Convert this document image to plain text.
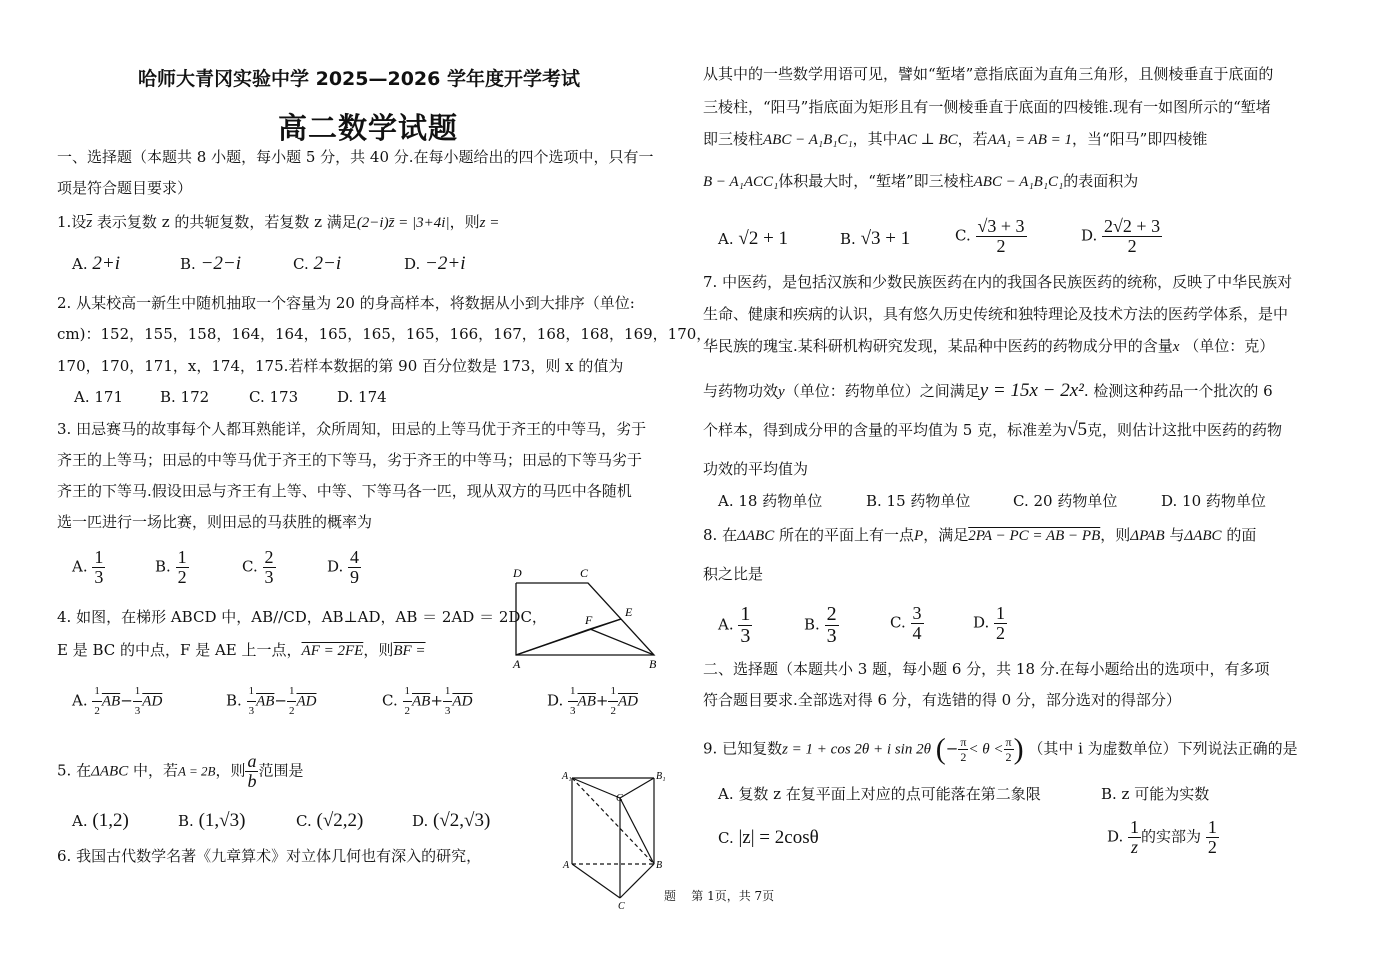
哈师大青冈实验中学 2025—2026 学年度开学考试
高二数学试题
一、选择题（本题共 8 小题，每小题 5 分，共 40 分.在每小题给出的四个选项中，只有一
项是符合题目要求）
1.设$\overline{z}$ 表示复数 z 的共轭复数，若复数 z 满足(2−i)z̄ = |3+4i|，则z =
A. 2+i	B. −2−i	C. 2−i	D. −2+i
2. 从某校高一新生中随机抽取一个容量为 20 的身高样本，将数据从小到大排序（单位:
cm)：152，155，158，164，164，165，165，165，166，167，168，168，169，170，
170，170，171，x，174，175.若样本数据的第 90 百分位数是 173，则 x 的值为
A. 171 B. 172	C. 173	D. 174
3. 田忌赛马的故事每个人都耳熟能详，众所周知，田忌的上等马优于齐王的中等马，劣于
齐王的上等马；田忌的中等马优于齐王的下等马，劣于齐王的中等马；田忌的下等马劣于
齐王的下等马.假设田忌与齐王有上等、中等、下等马各一匹，现从双方的马匹中各随机
选一匹进行一场比赛，则田忌的马获胜的概率为
A. $\frac{1}{3}$	B. $\frac{1}{2}$	C. $\frac{2}{3}$	D. $\frac{4}{9}$	D	C
E
F
A	B
4. 如图，在梯形 ABCD 中，AB//CD，AB⊥AD，AB ＝ 2AD ＝ 2DC，
E 是 BC 的中点，F 是 AE 上一点，AF = 2FE，则BF =
A. $\frac{1}{2} \overline{AB}- \frac{1}{3} \overline{AD}$	B. $\frac{1}{3} \overline{AB}- \frac{1}{2} \overline{AD}$	C. $\frac{1}{2} \overline{AB}+ \frac{1}{3} \overline{AD}$	D. $\frac{1}{3} \overline{AB}+ \frac{1}{2} \overline{AD}$
5. 在ΔABC 中，若A = 2B，则 $\frac{a}{b}$ 范围是
A. (1,2)	B. (1,√3)	C. (√2,2)	D. (√2,√3)
6. 我国古代数学名著《九章算术》对立体几何也有深入的研究，
A₁	B₁
C
A	B
C
从其中的一些数学用语可见，譬如“堑堵”意指底面为直角三角形，且侧棱垂直于底面的
三棱柱，“阳马”指底面为矩形且有一侧棱垂直于底面的四棱锥.现有一如图所示的“堑堵
即三棱柱ABC − A₁B₁C₁，其中AC ⊥ BC，若AA₁ = AB = 1，当“阳马”即四棱锥
B − A₁ACC₁体积最大时，“堑堵”即三棱柱ABC − A₁B₁C₁的表面积为
A. √2 + 1	B. √3 + 1	C. $\frac{√3 + 3}{2}$	D. $\frac{2√2 + 3}{2}$
7. 中医药，是包括汉族和少数民族医药在内的我国各民族医药的统称，反映了中华民族对
生命、健康和疾病的认识，具有悠久历史传统和独特理论及技术方法的医药学体系，是中
华民族的瑰宝.某科研机构研究发现，某品种中医药的药物成分甲的含量x （单位：克）
与药物功效y（单位：药物单位）之间满足y = 15x − 2x². 检测这种药品一个批次的 6
个样本，得到成分甲的含量的平均值为 5 克，标准差为√5克，则估计这批中医药的药物
功效的平均值为
A. 18 药物单位	B. 15 药物单位	C. 20 药物单位	D. 10 药物单位
8. 在ΔABC 所在的平面上有一点P，满足2PA − PC = AB − PB，则ΔPAB 与ΔABC 的面
积之比是
A. $\frac{1}{3}$	B. $\frac{2}{3}$	C. $\frac{3}{4}$	D. $\frac{1}{2}$
二、选择题（本题共小 3 题，每小题 6 分，共 18 分.在每小题给出的选项中，有多项
符合题目要求.全部选对得 6 分，有选错的得 0 分，部分选对的得部分）
9. 已知复数z = 1 + cos 2θ + i sin 2θ (− $\frac{\pi}{2} < \theta < \frac{\pi}{2}$ ) （其中 i 为虚数单位）下列说法正确的是
A. 复数 z 在复平面上对应的点可能落在第二象限	B. z 可能为实数
C. |z| = 2cosθ	D. $\frac{1}{z}$ 的实部为 $\frac{1}{2}$
题    第 1页，共 7页
